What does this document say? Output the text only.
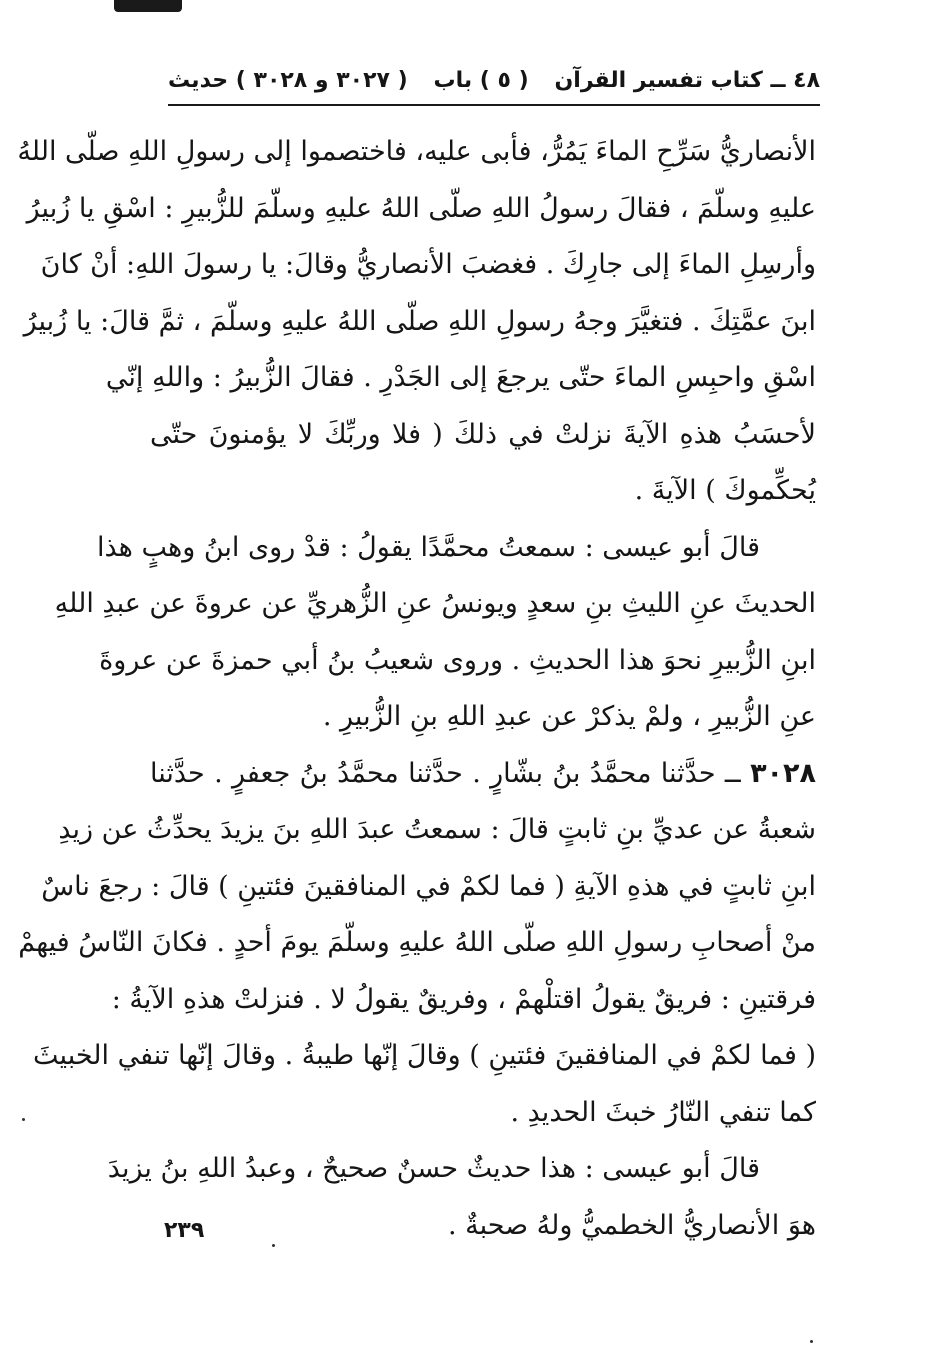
٤٨ ــ كتاب تفسير القرآن
( ٥ ) باب
( ٣٠٢٧ و ٣٠٢٨ ) حديث
الأنصاريُّ سَرِّحِ الماءَ يَمُرُّ، فأبى عليه، فاختصموا إلى رسولِ اللهِ صلّى اللهُ
عليهِ وسلّمَ ، فقالَ رسولُ اللهِ صلّى اللهُ عليهِ وسلّمَ للزُّبيرِ : اسْقِ يا زُبيرُ
وأرسِلِ الماءَ إلى جارِكَ . فغضبَ الأنصاريُّ وقالَ: يا رسولَ اللهِ: أنْ كانَ
ابنَ عمَّتِكَ . فتغيَّرَ وجهُ رسولِ اللهِ صلّى اللهُ عليهِ وسلّمَ ، ثمَّ قالَ: يا زُبيرُ
اسْقِ واحبِسِ الماءَ حتّى يرجعَ إلى الجَدْرِ . فقالَ الزُّبيرُ : واللهِ إنّي
لأحسَبُ هذهِ الآيةَ نزلتْ في ذلكَ ( فلا وربِّكَ لا يؤمنونَ حتّى
يُحكِّموكَ ) الآيةَ .
قالَ أبو عيسى : سمعتُ محمَّدًا يقولُ : قدْ روى ابنُ وهبٍ هذا
الحديثَ عنِ الليثِ بنِ سعدٍ ويونسُ عنِ الزُّهريِّ عن عروةَ عن عبدِ اللهِ
ابنِ الزُّبيرِ نحوَ هذا الحديثِ . وروى شعيبُ بنُ أبي حمزةَ عن عروةَ
عنِ الزُّبيرِ ، ولمْ يذكرْ عن عبدِ اللهِ بنِ الزُّبيرِ .
٣٠٢٨ ــ حدَّثنا محمَّدُ بنُ بشّارٍ . حدَّثنا محمَّدُ بنُ جعفرٍ . حدَّثنا
شعبةُ عن عديِّ بنِ ثابتٍ قالَ : سمعتُ عبدَ اللهِ بنَ يزيدَ يحدِّثُ عن زيدِ
ابنِ ثابتٍ في هذهِ الآيةِ ( فما لكمْ في المنافقينَ فئتينِ ) قالَ : رجعَ ناسٌ
منْ أصحابِ رسولِ اللهِ صلّى اللهُ عليهِ وسلّمَ يومَ أحدٍ . فكانَ النّاسُ فيهمْ
فرقتينِ : فريقٌ يقولُ اقتلْهمْ ، وفريقٌ يقولُ لا . فنزلتْ هذهِ الآيةُ :
( فما لكمْ في المنافقينَ فئتينِ ) وقالَ إنّها طيبةُ . وقالَ إنّها تنفي الخبيثَ
كما تنفي النّارُ خبثَ الحديدِ .
قالَ أبو عيسى : هذا حديثٌ حسنٌ صحيحٌ ، وعبدُ اللهِ بنُ يزيدَ
هوَ الأنصاريُّ الخطميُّ ولهُ صحبةٌ .
٢٣٩
